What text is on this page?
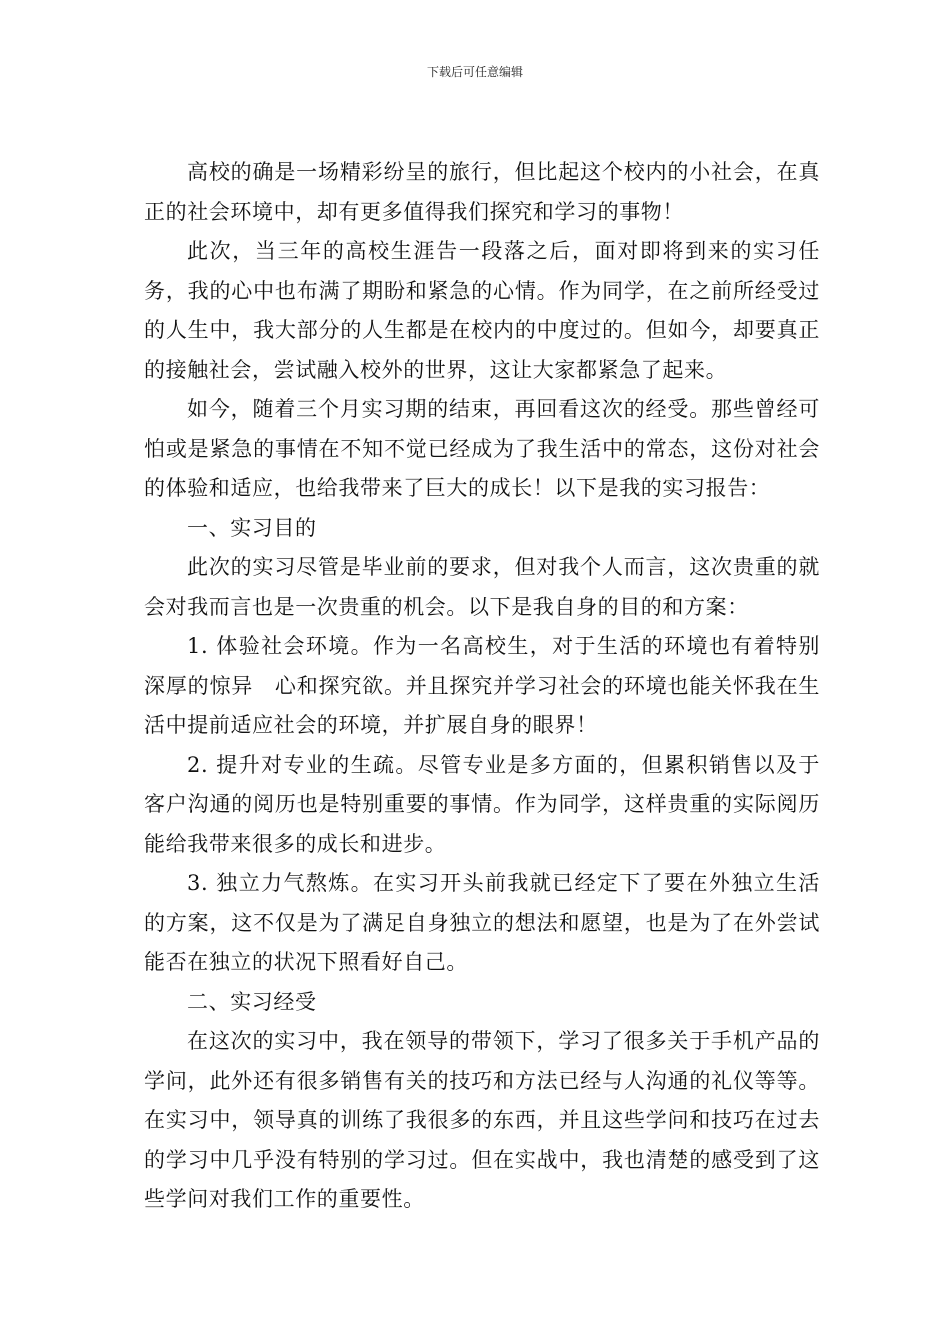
下载后可任意编辑

高校的确是一场精彩纷呈的旅行，但比起这个校内的小社会，在真正的社会环境中，却有更多值得我们探究和学习的事物！

此次，当三年的高校生涯告一段落之后，面对即将到来的实习任务，我的心中也布满了期盼和紧急的心情。作为同学，在之前所经受过的人生中，我大部分的人生都是在校内的中度过的。但如今，却要真正的接触社会，尝试融入校外的世界，这让大家都紧急了起来。

如今，随着三个月实习期的结束，再回看这次的经受。那些曾经可怕或是紧急的事情在不知不觉已经成为了我生活中的常态，这份对社会的体验和适应，也给我带来了巨大的成长！以下是我的实习报告：

一、实习目的

此次的实习尽管是毕业前的要求，但对我个人而言，这次贵重的就会对我而言也是一次贵重的机会。以下是我自身的目的和方案：

1. 体验社会环境。作为一名高校生，对于生活的环境也有着特别深厚的惊异　心和探究欲。并且探究并学习社会的环境也能关怀我在生活中提前适应社会的环境，并扩展自身的眼界！

2. 提升对专业的生疏。尽管专业是多方面的，但累积销售以及于客户沟通的阅历也是特别重要的事情。作为同学，这样贵重的实际阅历能给我带来很多的成长和进步。

3. 独立力气熬炼。在实习开头前我就已经定下了要在外独立生活的方案，这不仅是为了满足自身独立的想法和愿望，也是为了在外尝试能否在独立的状况下照看好自己。

二、实习经受

在这次的实习中，我在领导的带领下，学习了很多关于手机产品的学问，此外还有很多销售有关的技巧和方法已经与人沟通的礼仪等等。在实习中，领导真的训练了我很多的东西，并且这些学问和技巧在过去的学习中几乎没有特别的学习过。但在实战中，我也清楚的感受到了这些学问对我们工作的重要性。
